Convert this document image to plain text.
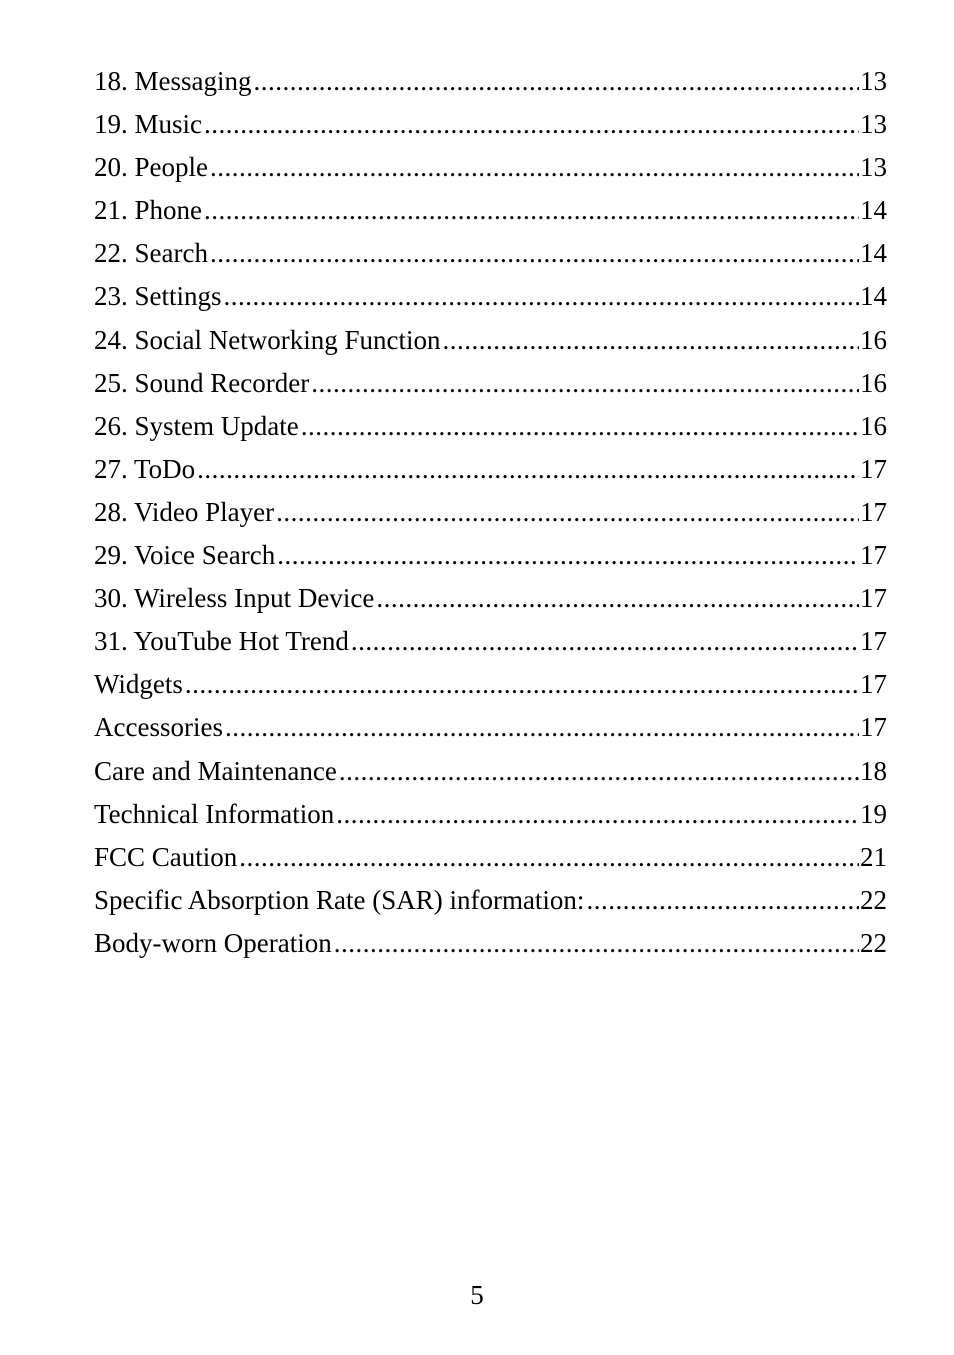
18. Messaging .....	13
19. Music .....	13
20. People .....	13
21. Phone .....	14
22. Search .....	14
23. Settings .....	14
24. Social Networking Function .....	16
25. Sound Recorder .....	16
26. System Update .....	16
27. ToDo .....	17
28. Video Player .....	17
29. Voice Search .....	17
30. Wireless Input Device .....	17
31. YouTube Hot Trend .....	17
Widgets .....	17
Accessories .....	17
Care and Maintenance .....	18
Technical Information .....	19
FCC Caution .....	21
Specific Absorption Rate (SAR) information: .....	22
Body-worn Operation .....	22
5
